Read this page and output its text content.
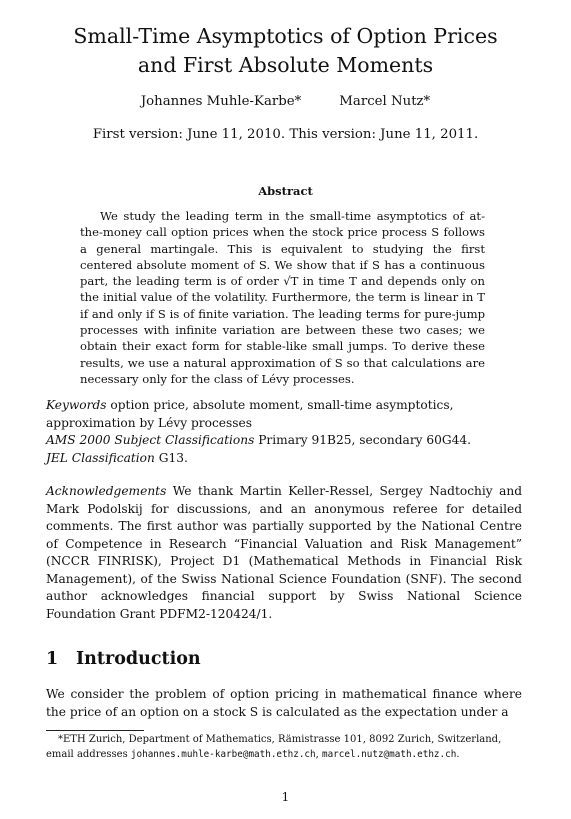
Small-Time Asymptotics of Option Prices
and First Absolute Moments
Johannes Muhle-Karbe*	Marcel Nutz*
First version: June 11, 2010. This version: June 11, 2011.
Abstract
We study the leading term in the small-time asymptotics of at-the-money call option prices when the stock price process S follows a general martingale. This is equivalent to studying the first centered absolute moment of S. We show that if S has a continuous part, the leading term is of order √T in time T and depends only on the initial value of the volatility. Furthermore, the term is linear in T if and only if S is of finite variation. The leading terms for pure-jump processes with infinite variation are between these two cases; we obtain their exact form for stable-like small jumps. To derive these results, we use a natural approximation of S so that calculations are necessary only for the class of Lévy processes.
Keywords option price, absolute moment, small-time asymptotics, approximation by Lévy processes
AMS 2000 Subject Classifications Primary 91B25, secondary 60G44.
JEL Classification G13.
Acknowledgements We thank Martin Keller-Ressel, Sergey Nadtochiy and Mark Podolskij for discussions, and an anonymous referee for detailed comments. The first author was partially supported by the National Centre of Competence in Research “Financial Valuation and Risk Management” (NCCR FINRISK), Project D1 (Mathematical Methods in Financial Risk Management), of the Swiss National Science Foundation (SNF). The second author acknowledges financial support by Swiss National Science Foundation Grant PDFM2-120424/1.
1 Introduction
We consider the problem of option pricing in mathematical finance where the price of an option on a stock S is calculated as the expectation under a
*ETH Zurich, Department of Mathematics, Rämistrasse 101, 8092 Zurich, Switzerland, email addresses johannes.muhle-karbe@math.ethz.ch, marcel.nutz@math.ethz.ch.
1
